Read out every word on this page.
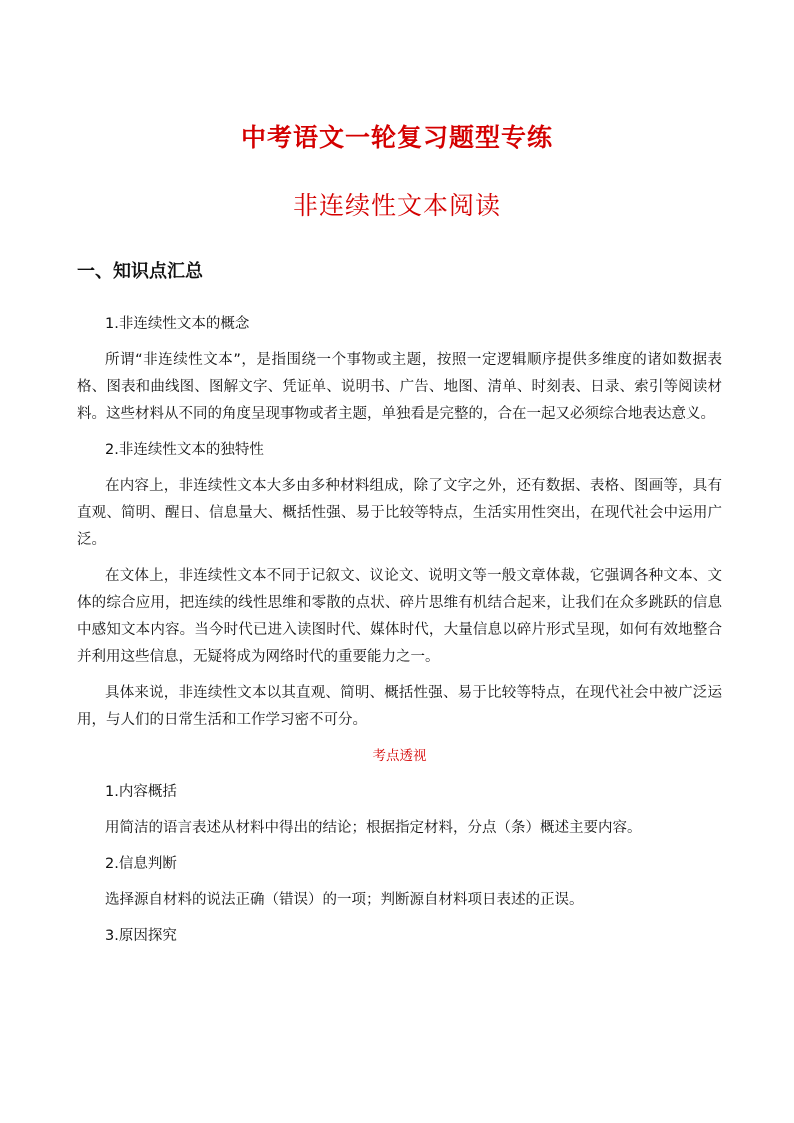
中考语文一轮复习题型专练
非连续性文本阅读
一、知识点汇总

1.非连续性文本的概念

所谓“非连续性文本”，是指围绕一个事物或主题，按照一定逻辑顺序提供多维度的诸如数据表格、图表和曲线图、图解文字、凭证单、说明书、广告、地图、清单、时刻表、日录、索引等阅读材料。这些材料从不同的角度呈现事物或者主题，单独看是完整的，合在一起又必须综合地表达意义。

2.非连续性文本的独特性

在内容上，非连续性文本大多由多种材料组成，除了文字之外，还有数据、表格、图画等，具有直观、简明、醒日、信息量大、概括性强、易于比较等特点，生活实用性突出，在现代社会中运用广泛。

在文体上，非连续性文本不同于记叙文、议论文、说明文等一般文章体裁，它强调各种文本、文体的综合应用，把连续的线性思维和零散的点状、碎片思维有机结合起来，让我们在众多跳跃的信息中感知文本内容。当今时代已进入读图时代、媒体时代，大量信息以碎片形式呈现，如何有效地整合并利用这些信息，无疑将成为网络时代的重要能力之一。

具体来说，非连续性文本以其直观、简明、概括性强、易于比较等特点，在现代社会中被广泛运用，与人们的日常生活和工作学习密不可分。

考点透视

1.内容概括

用简洁的语言表述从材料中得出的结论；根据指定材料，分点（条）概述主要内容。

2.信息判断

选择源自材料的说法正确（错误）的一项；判断源自材料项日表述的正误。

3.原因探究
